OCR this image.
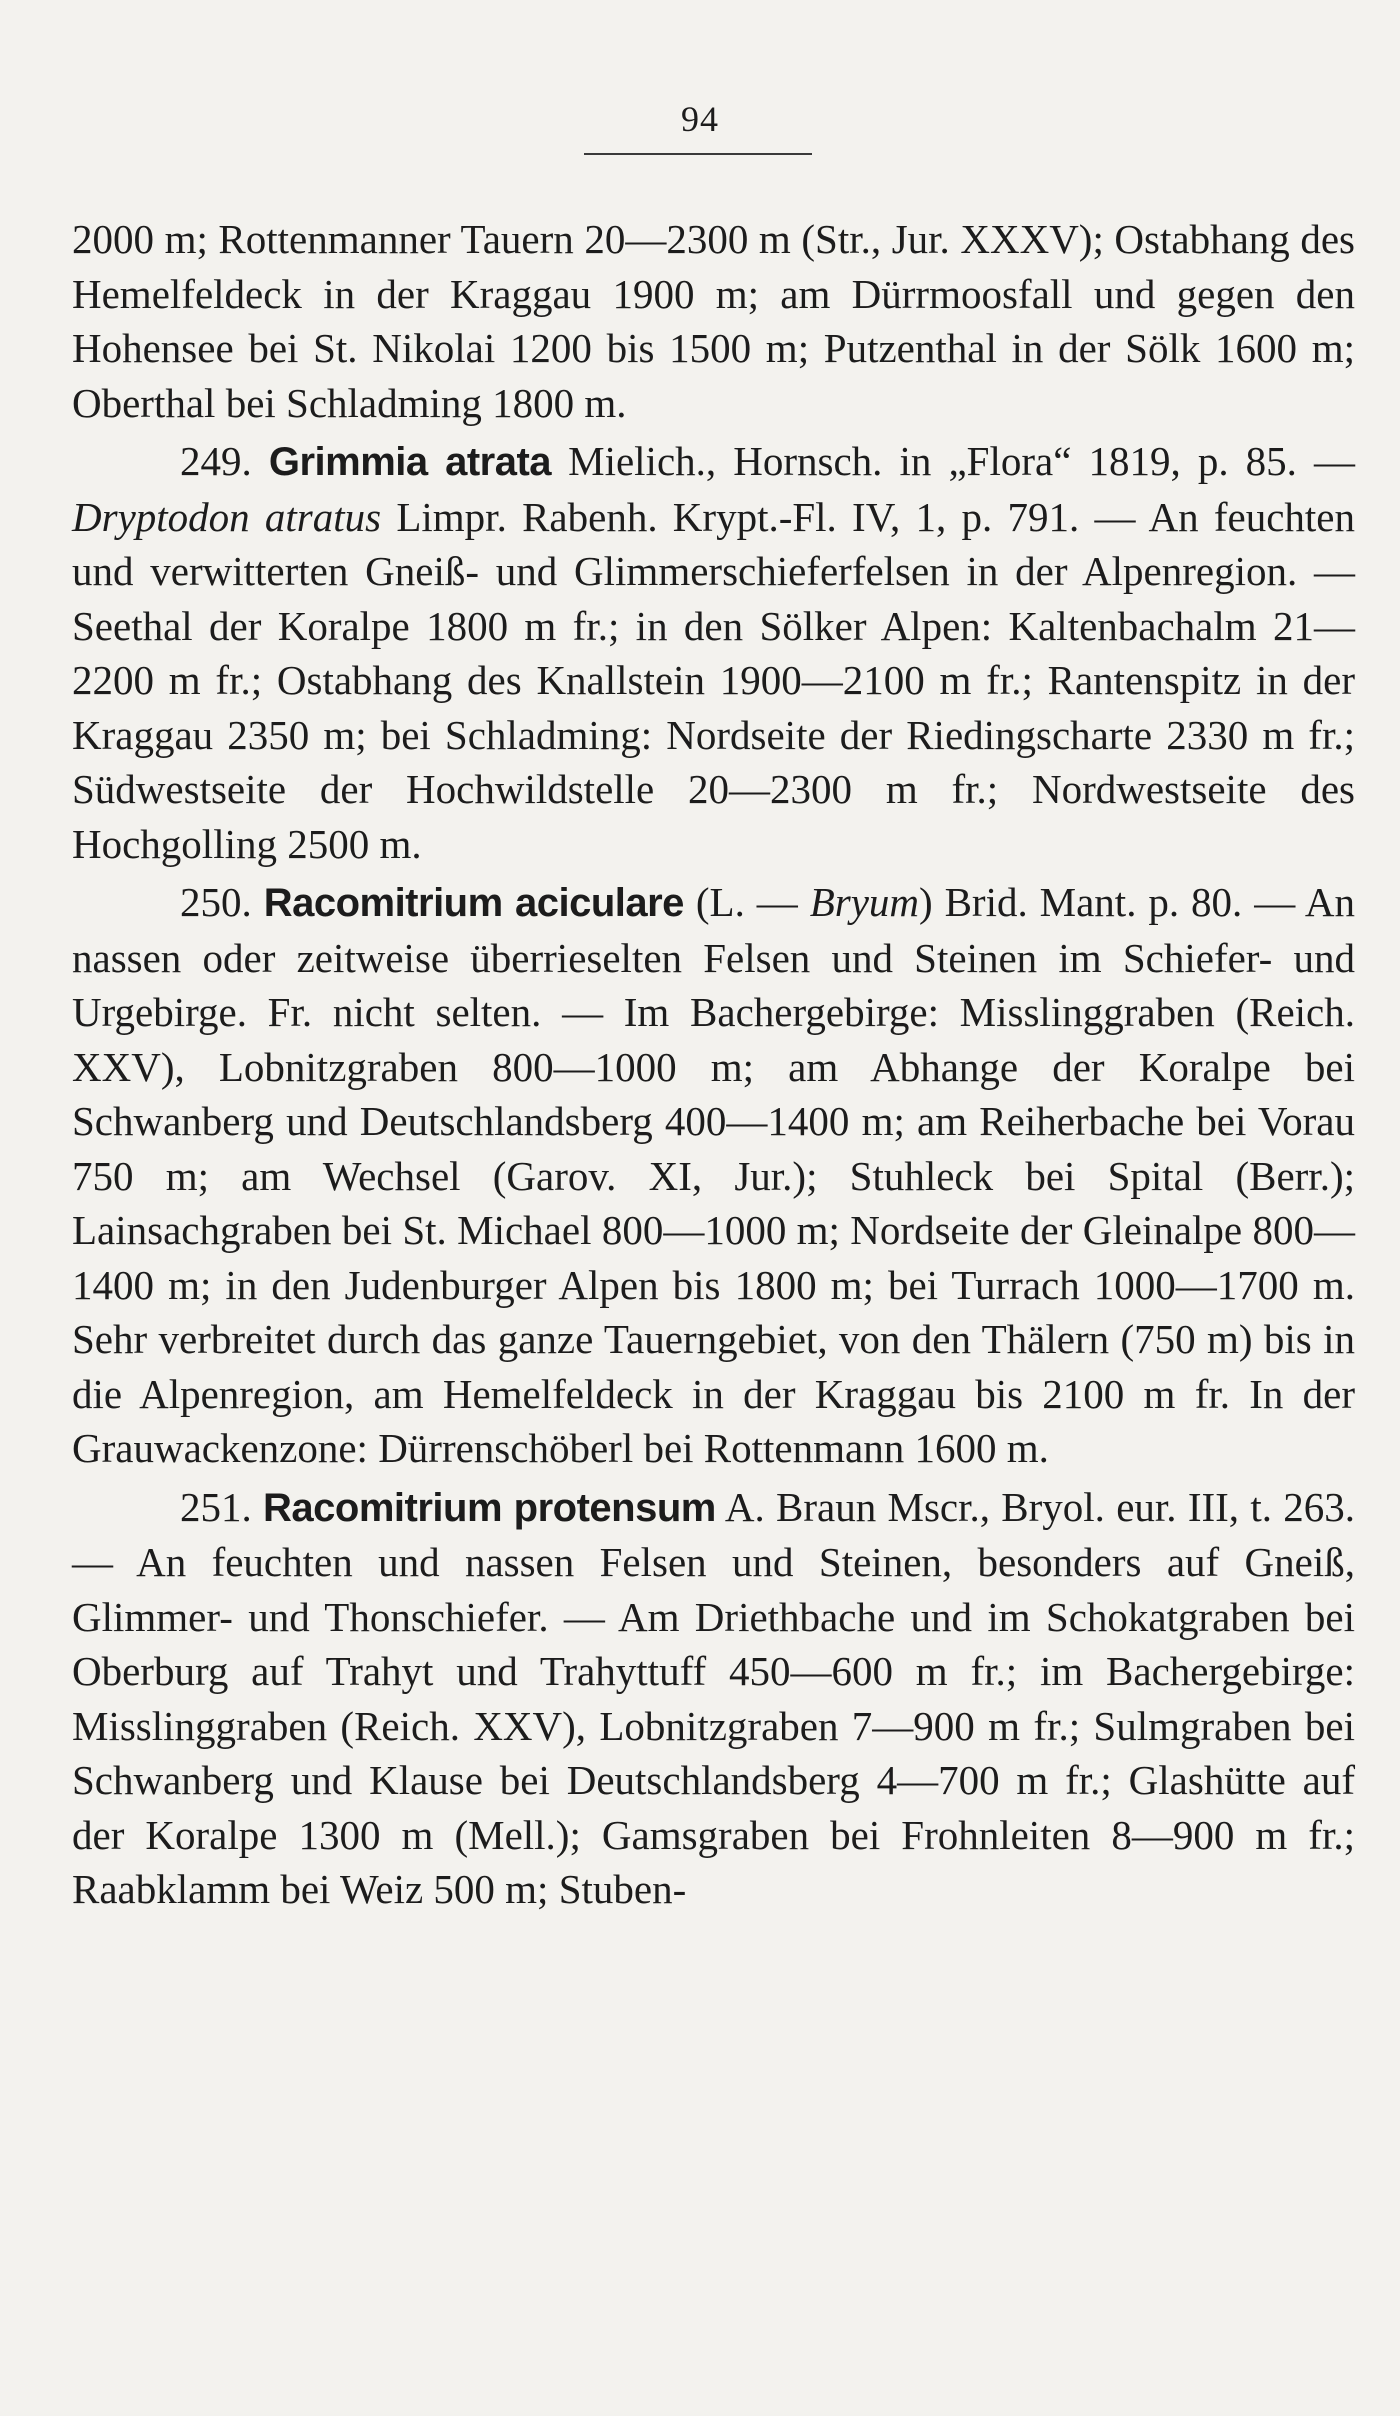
94

2000 m; Rottenmanner Tauern 20—2300 m (Str., Jur. XXXV); Ostabhang des Hemelfeldeck in der Kraggau 1900 m; am Dürrmoosfall und gegen den Hohensee bei St. Nikolai 1200 bis 1500 m; Putzenthal in der Sölk 1600 m; Oberthal bei Schladming 1800 m.

249. Grimmia atrata Mielich., Hornsch. in „Flora“ 1819, p. 85. — Dryptodon atratus Limpr. Rabenh. Krypt.-Fl. IV, 1, p. 791. — An feuchten und verwitterten Gneiß- und Glimmerschieferfelsen in der Alpenregion. — Seethal der Koralpe 1800 m fr.; in den Sölker Alpen: Kaltenbachalm 21—2200 m fr.; Ostabhang des Knallstein 1900—2100 m fr.; Rantenspitz in der Kraggau 2350 m; bei Schladming: Nordseite der Riedingscharte 2330 m fr.; Südwestseite der Hochwildstelle 20—2300 m fr.; Nordwestseite des Hochgolling 2500 m.

250. Racomitrium aciculare (L. — Bryum) Brid. Mant. p. 80. — An nassen oder zeitweise überrieselten Felsen und Steinen im Schiefer- und Urgebirge. Fr. nicht selten. — Im Bachergebirge: Misslinggraben (Reich. XXV), Lobnitzgraben 800—1000 m; am Abhange der Koralpe bei Schwanberg und Deutschlandsberg 400—1400 m; am Reiherbache bei Vorau 750 m; am Wechsel (Garov. XI, Jur.); Stuhleck bei Spital (Berr.); Lainsachgraben bei St. Michael 800—1000 m; Nordseite der Gleinalpe 800—1400 m; in den Judenburger Alpen bis 1800 m; bei Turrach 1000—1700 m. Sehr verbreitet durch das ganze Tauerngebiet, von den Thälern (750 m) bis in die Alpenregion, am Hemelfeldeck in der Kraggau bis 2100 m fr. In der Grauwackenzone: Dürrenschöberl bei Rottenmann 1600 m.

251. Racomitrium protensum A. Braun Mscr., Bryol. eur. III, t. 263. — An feuchten und nassen Felsen und Steinen, besonders auf Gneiß, Glimmer- und Thonschiefer. — Am Driethbache und im Schokatgraben bei Oberburg auf Trahyt und Trahyttuff 450—600 m fr.; im Bachergebirge: Misslinggraben (Reich. XXV), Lobnitzgraben 7—900 m fr.; Sulmgraben bei Schwanberg und Klause bei Deutschlandsberg 4—700 m fr.; Glashütte auf der Koralpe 1300 m (Mell.); Gamsgraben bei Frohnleiten 8—900 m fr.; Raabklamm bei Weiz 500 m; Stuben-
